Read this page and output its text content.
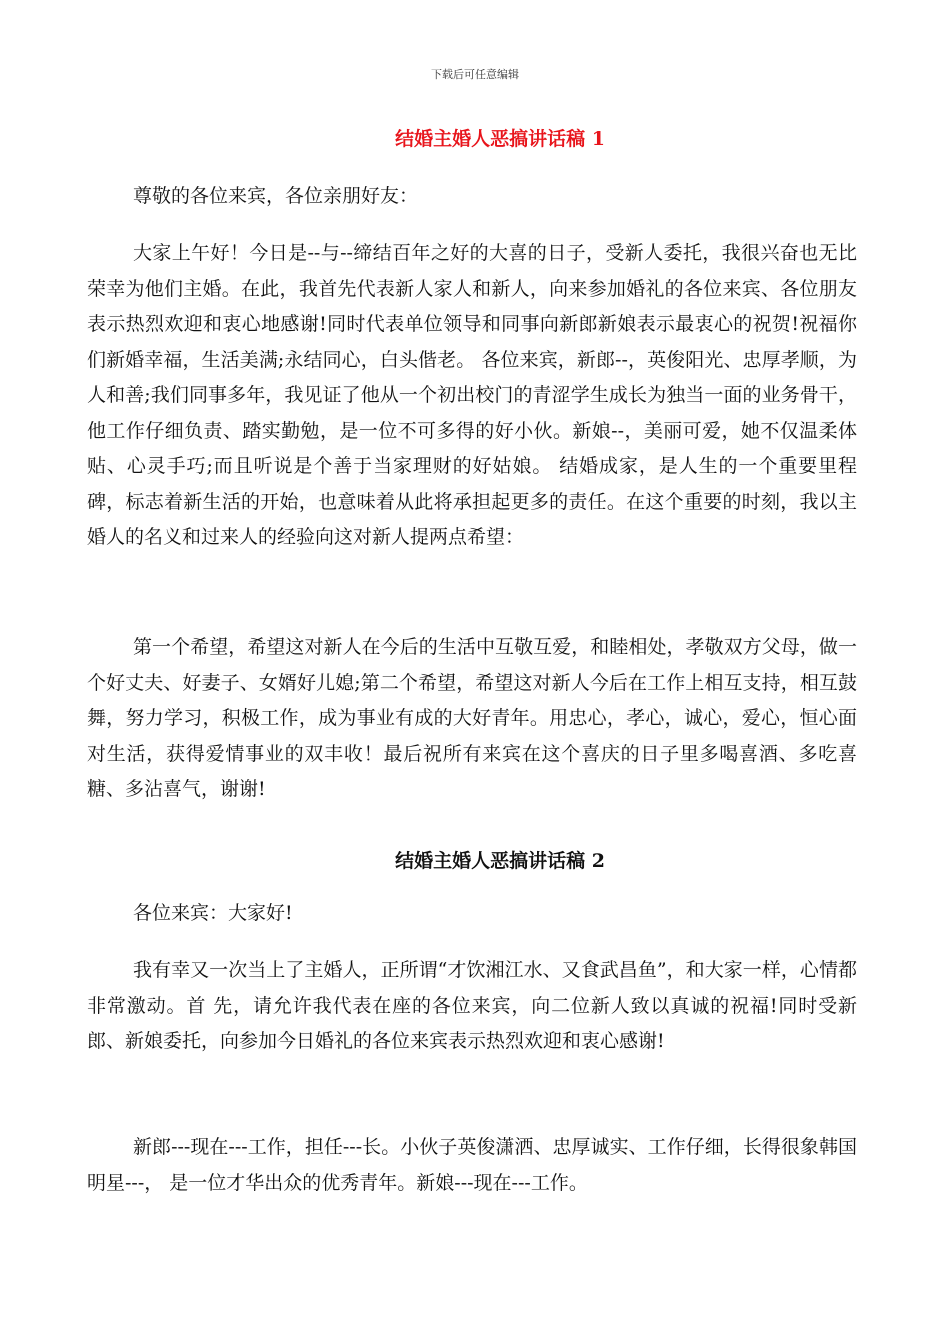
下载后可任意编辑
结婚主婚人恶搞讲话稿 1

尊敬的各位来宾，各位亲朋好友：

大家上午好！今日是--与--缔结百年之好的大喜的日子，受新人委托，我很兴奋也无比荣幸为他们主婚。在此，我首先代表新人家人和新人，向来参加婚礼的各位来宾、各位朋友表示热烈欢迎和衷心地感谢!同时代表单位领导和同事向新郎新娘表示最衷心的祝贺!祝福你们新婚幸福，生活美满;永结同心，白头偕老。 各位来宾，新郎--，英俊阳光、忠厚孝顺，为人和善;我们同事多年，我见证了他从一个初出校门的青涩学生成长为独当一面的业务骨干，他工作仔细负责、踏实勤勉，是一位不可多得的好小伙。新娘--，美丽可爱，她不仅温柔体贴、心灵手巧;而且听说是个善于当家理财的好姑娘。 结婚成家，是人生的一个重要里程碑，标志着新生活的开始，也意味着从此将承担起更多的责任。在这个重要的时刻，我以主婚人的名义和过来人的经验向这对新人提两点希望：

第一个希望，希望这对新人在今后的生活中互敬互爱，和睦相处，孝敬双方父母，做一个好丈夫、好妻子、女婿好儿媳;第二个希望，希望这对新人今后在工作上相互支持，相互鼓舞，努力学习，积极工作，成为事业有成的大好青年。用忠心，孝心，诚心，爱心，恒心面对生活，获得爱情事业的双丰收！最后祝所有来宾在这个喜庆的日子里多喝喜酒、多吃喜糖、多沾喜气，谢谢!

结婚主婚人恶搞讲话稿 2

各位来宾：大家好!

我有幸又一次当上了主婚人，正所谓“才饮湘江水、又食武昌鱼”，和大家一样，心情都非常激动。首 先，请允许我代表在座的各位来宾，向二位新人致以真诚的祝福!同时受新郎、新娘委托，向参加今日婚礼的各位来宾表示热烈欢迎和衷心感谢!

新郎---现在---工作，担任---长。小伙子英俊潇洒、忠厚诚实、工作仔细，长得很象韩国明星---， 是一位才华出众的优秀青年。新娘---现在---工作。
